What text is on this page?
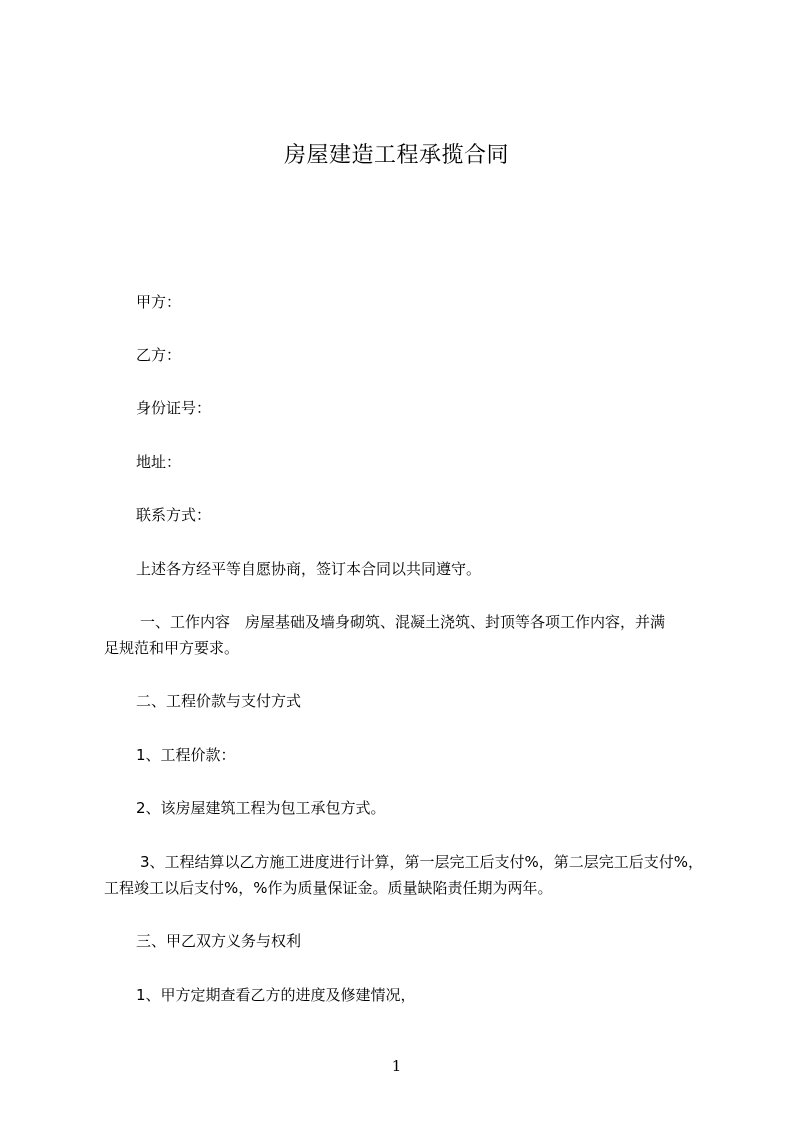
房屋建造工程承揽合同
甲方：
乙方：
身份证号：
地址：
联系方式：
上述各方经平等自愿协商，签订本合同以共同遵守。
一、工作内容　房屋基础及墙身砌筑、混凝土浇筑、封顶等各项工作内容，并满
足规范和甲方要求。
二、工程价款与支付方式
1、工程价款：
2、该房屋建筑工程为包工承包方式。
3、工程结算以乙方施工进度进行计算，第一层完工后支付%，第二层完工后支付%，
工程竣工以后支付%，%作为质量保证金。质量缺陷责任期为两年。
三、甲乙双方义务与权利
1、甲方定期查看乙方的进度及修建情况，
1
